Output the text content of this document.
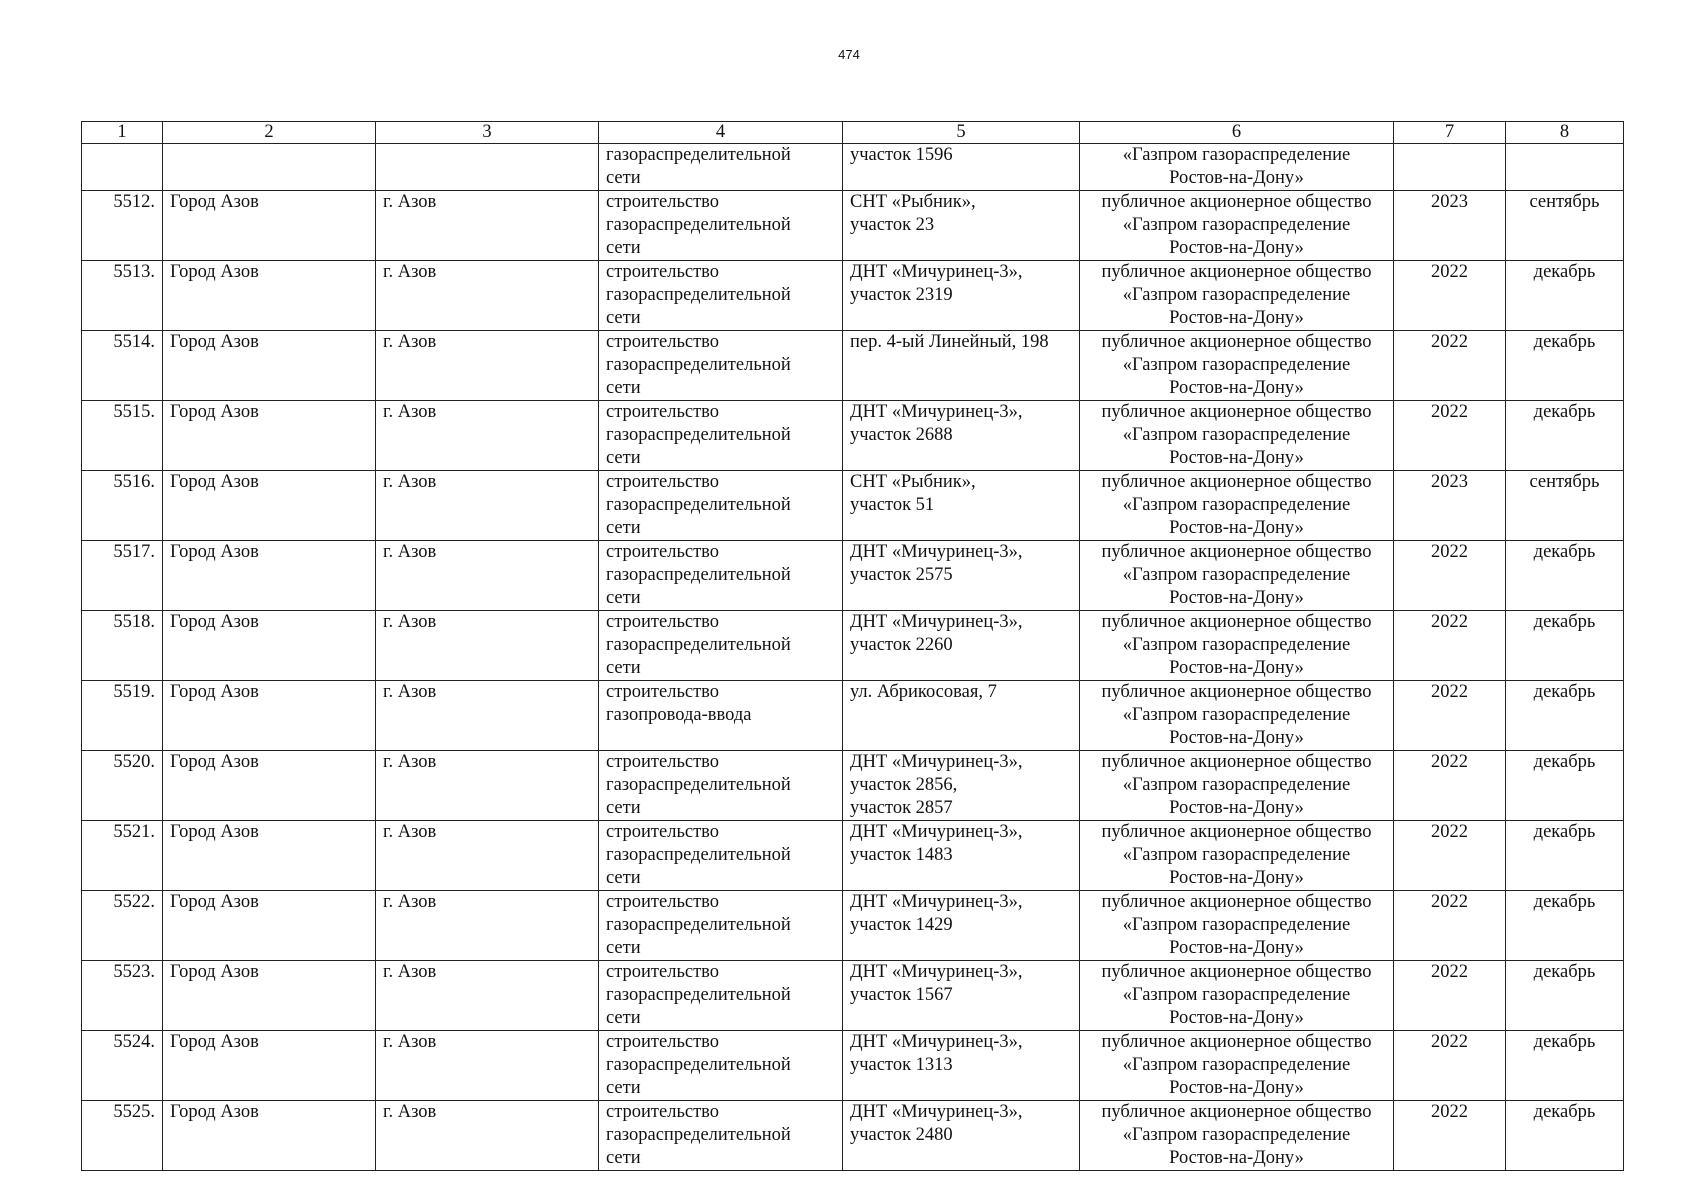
474
1	2	3	4	5	6	7	8

			газораспределительной
сети	участок 1596	«Газпром газораспределение
Ростов-на-Дону»		

5512.	Город Азов	г. Азов	строительство
газораспределительной
сети	СНТ «Рыбник»,
участок 23	публичное акционерное общество
«Газпром газораспределение
Ростов-на-Дону»	2023	сентябрь
5513.	Город Азов	г. Азов	строительство
газораспределительной
сети	ДНТ «Мичуринец-3»,
участок 2319	публичное акционерное общество
«Газпром газораспределение
Ростов-на-Дону»	2022	декабрь
5514.	Город Азов	г. Азов	строительство
газораспределительной
сети	пер. 4-ый Линейный, 198	публичное акционерное общество
«Газпром газораспределение
Ростов-на-Дону»	2022	декабрь
5515.	Город Азов	г. Азов	строительство
газораспределительной
сети	ДНТ «Мичуринец-3»,
участок 2688	публичное акционерное общество
«Газпром газораспределение
Ростов-на-Дону»	2022	декабрь
5516.	Город Азов	г. Азов	строительство
газораспределительной
сети	СНТ «Рыбник»,
участок 51	публичное акционерное общество
«Газпром газораспределение
Ростов-на-Дону»	2023	сентябрь
5517.	Город Азов	г. Азов	строительство
газораспределительной
сети	ДНТ «Мичуринец-3»,
участок 2575	публичное акционерное общество
«Газпром газораспределение
Ростов-на-Дону»	2022	декабрь
5518.	Город Азов	г. Азов	строительство
газораспределительной
сети	ДНТ «Мичуринец-3»,
участок 2260	публичное акционерное общество
«Газпром газораспределение
Ростов-на-Дону»	2022	декабрь
5519.	Город Азов	г. Азов	строительство
газопровода-ввода	ул. Абрикосовая, 7	публичное акционерное общество
«Газпром газораспределение
Ростов-на-Дону»	2022	декабрь
5520.	Город Азов	г. Азов	строительство
газораспределительной
сети	ДНТ «Мичуринец-3»,
участок 2856,
участок 2857	публичное акционерное общество
«Газпром газораспределение
Ростов-на-Дону»	2022	декабрь
5521.	Город Азов	г. Азов	строительство
газораспределительной
сети	ДНТ «Мичуринец-3»,
участок 1483	публичное акционерное общество
«Газпром газораспределение
Ростов-на-Дону»	2022	декабрь
5522.	Город Азов	г. Азов	строительство
газораспределительной
сети	ДНТ «Мичуринец-3»,
участок 1429	публичное акционерное общество
«Газпром газораспределение
Ростов-на-Дону»	2022	декабрь
5523.	Город Азов	г. Азов	строительство
газораспределительной
сети	ДНТ «Мичуринец-3»,
участок 1567	публичное акционерное общество
«Газпром газораспределение
Ростов-на-Дону»	2022	декабрь
5524.	Город Азов	г. Азов	строительство
газораспределительной
сети	ДНТ «Мичуринец-3»,
участок 1313	публичное акционерное общество
«Газпром газораспределение
Ростов-на-Дону»	2022	декабрь
5525.	Город Азов	г. Азов	строительство
газораспределительной
сети	ДНТ «Мичуринец-3»,
участок 2480	публичное акционерное общество
«Газпром газораспределение
Ростов-на-Дону»	2022	декабрь
